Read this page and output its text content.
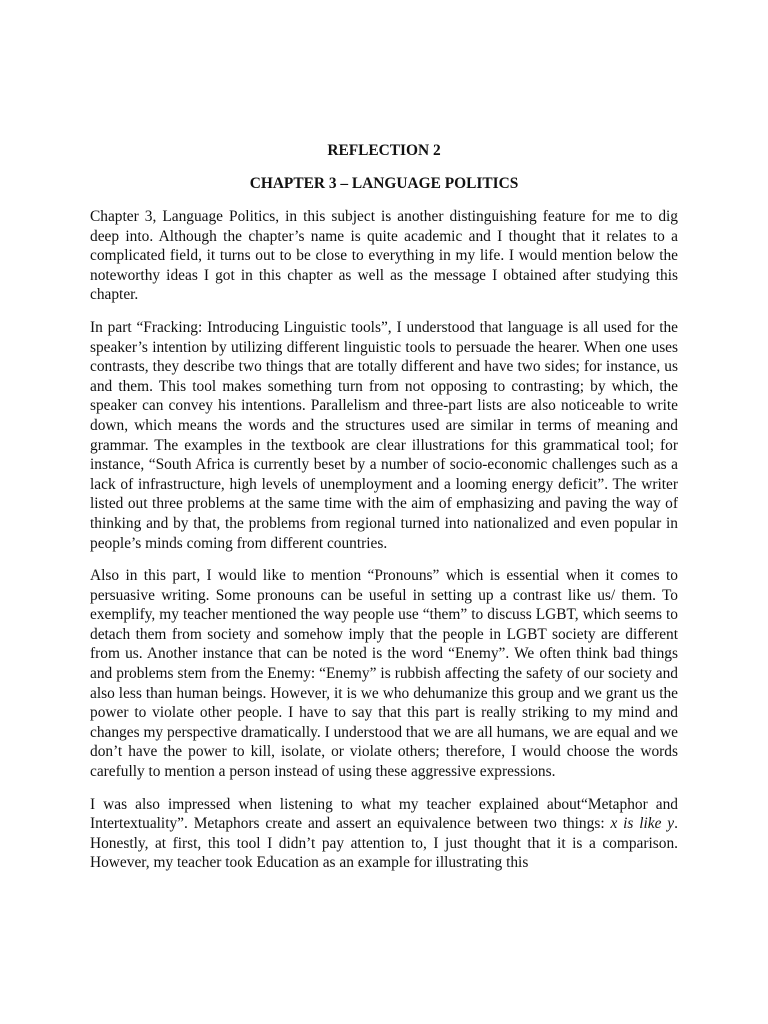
REFLECTION 2

CHAPTER 3 – LANGUAGE POLITICS

Chapter 3, Language Politics, in this subject is another distinguishing feature for me to dig deep into. Although the chapter’s name is quite academic and I thought that it relates to a complicated field, it turns out to be close to everything in my life. I would mention below the noteworthy ideas I got in this chapter as well as the message I obtained after studying this chapter.

In part “Fracking: Introducing Linguistic tools”, I understood that language is all used for the speaker’s intention by utilizing different linguistic tools to persuade the hearer. When one uses contrasts, they describe two things that are totally different and have two sides; for instance, us and them. This tool makes something turn from not opposing to contrasting; by which, the speaker can convey his intentions. Parallelism and three-part lists are also noticeable to write down, which means the words and the structures used are similar in terms of meaning and grammar. The examples in the textbook are clear illustrations for this grammatical tool; for instance, “South Africa is currently beset by a number of socio-economic challenges such as a lack of infrastructure, high levels of unemployment and a looming energy deficit”. The writer listed out three problems at the same time with the aim of emphasizing and paving the way of thinking and by that, the problems from regional turned into nationalized and even popular in people’s minds coming from different countries.

Also in this part, I would like to mention “Pronouns” which is essential when it comes to persuasive writing. Some pronouns can be useful in setting up a contrast like us/ them. To exemplify, my teacher mentioned the way people use “them” to discuss LGBT, which seems to detach them from society and somehow imply that the people in LGBT society are different from us. Another instance that can be noted is the word “Enemy”. We often think bad things and problems stem from the Enemy: “Enemy” is rubbish affecting the safety of our society and also less than human beings. However, it is we who dehumanize this group and we grant us the power to violate other people. I have to say that this part is really striking to my mind and changes my perspective dramatically. I understood that we are all humans, we are equal and we don’t have the power to kill, isolate, or violate others; therefore, I would choose the words carefully to mention a person instead of using these aggressive expressions.

I was also impressed when listening to what my teacher explained about“Metaphor and Intertextuality”. Metaphors create and assert an equivalence between two things: x is like y. Honestly, at first, this tool I didn’t pay attention to, I just thought that it is a comparison. However, my teacher took Education as an example for illustrating this
